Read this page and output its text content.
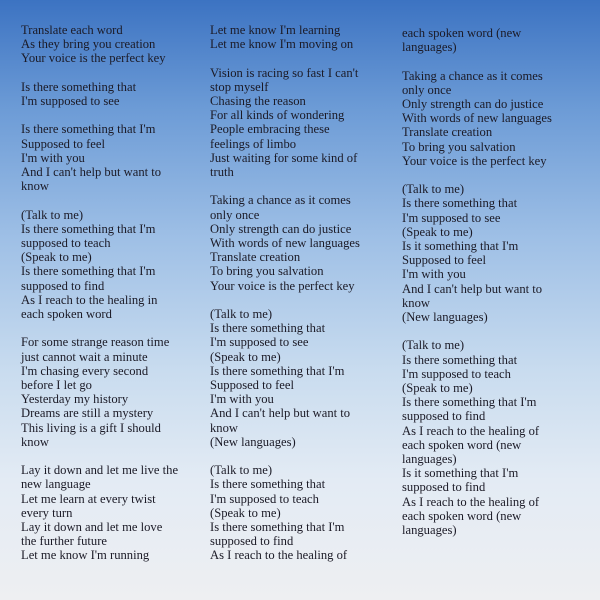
Translate each word
As they bring you creation
Your voice is the perfect key
Is there something that
I'm supposed to see
Is there something that I'm
Supposed to feel
I'm with you
And I can't help but want to
know
(Talk to me)
Is there something that I'm
supposed to teach
(Speak to me)
Is there something that I'm
supposed to find
As I reach to the healing in
each spoken word
For some strange reason time
just cannot wait a minute
I'm chasing every second
before I let go
Yesterday my history
Dreams are still a mystery
This living is a gift I should
know
Lay it down and let me live the
new language
Let me learn at every twist
every turn
Lay it down and let me love
the further future
Let me know I'm running
Let me know I'm learning
Let me know I'm moving on
Vision is racing so fast I can't
stop myself
Chasing the reason
For all kinds of wondering
People embracing these
feelings of limbo
Just waiting for some kind of
truth
Taking a chance as it comes
only once
Only strength can do justice
With words of new languages
Translate creation
To bring you salvation
Your voice is the perfect key
(Talk to me)
Is there something that
I'm supposed to see
(Speak to me)
Is there something that I'm
Supposed to feel
I'm with you
And I can't help but want to
know
(New languages)
(Talk to me)
Is there something that
I'm supposed to teach
(Speak to me)
Is there something that I'm
supposed to find
As I reach to the healing of
each spoken word (new
languages)
Taking a chance as it comes
only once
Only strength can do justice
With words of new languages
Translate creation
To bring you salvation
Your voice is the perfect key
(Talk to me)
Is there something that
I'm supposed to see
(Speak to me)
Is it something that I'm
Supposed to feel
I'm with you
And I can't help but want to
know
(New languages)
(Talk to me)
Is there something that
I'm supposed to teach
(Speak to me)
Is there something that I'm
supposed to find
As I reach to the healing of
each spoken word (new
languages)
Is it something that I'm
supposed to find
As I reach to the healing of
each spoken word (new
languages)
